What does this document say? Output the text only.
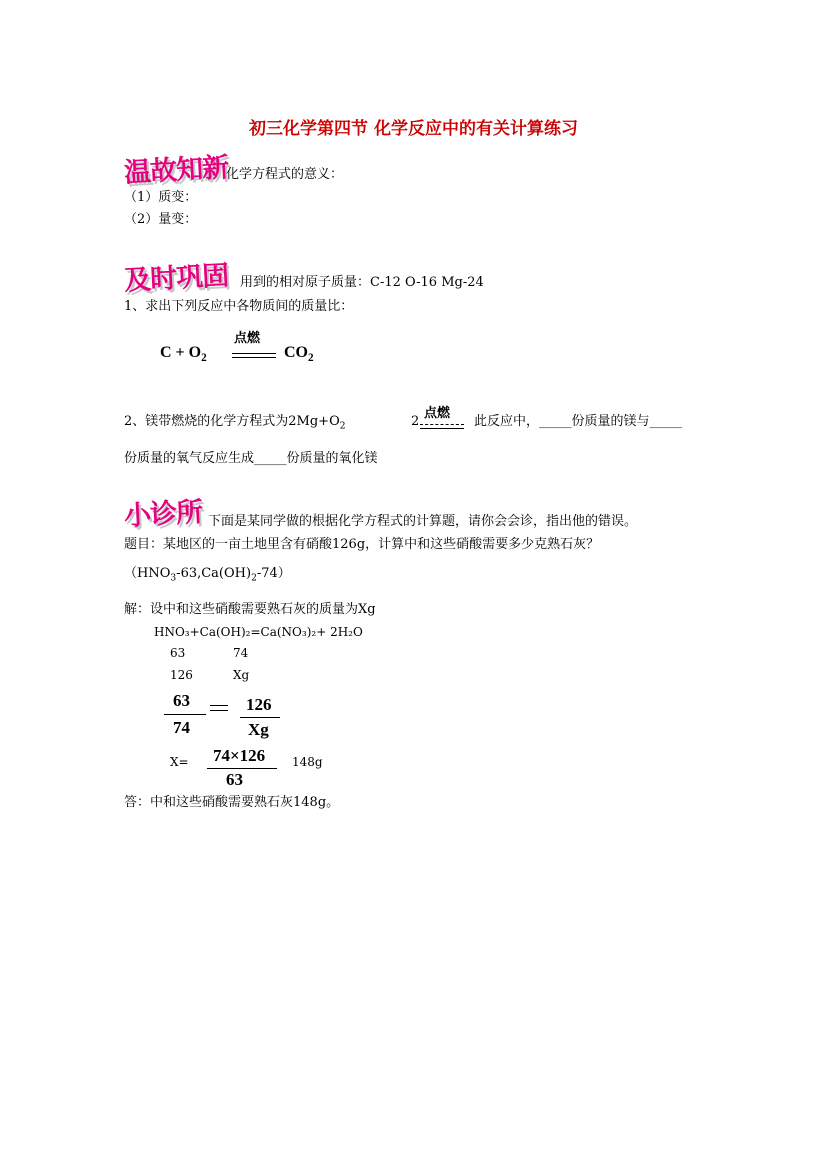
初三化学第四节 化学反应中的有关计算练习
温故知新
化学方程式的意义：
（1）质变：
（2）量变：
及时巩固 用到的相对原子质量：C-12 O-16 Mg-24
1、求出下列反应中各物质间的质量比：
$C + O_2$
点燃
$CO_2$
2、镁带燃烧的化学方程式为$2Mg+O_2$
点燃
2	此反应中，_____份质量的镁与_____
份质量的氧气反应生成_____份质量的氧化镁
小诊所 下面是某同学做的根据化学方程式的计算题，请你会会诊，指出他的错误。
题目：某地区的一亩土地里含有硝酸126g，计算中和这些硝酸需要多少克熟石灰？
$(HNO_3-63,Ca(OH)_2-74)$
解：设中和这些硝酸需要熟石灰的质量为Xg
HNO₃+Ca(OH)₂=Ca(NO₃)₂+ 2H₂O
63	74
126	Xg
63
74
126
Xg
X= 74×126
63
148g
答：中和这些硝酸需要熟石灰148g。
